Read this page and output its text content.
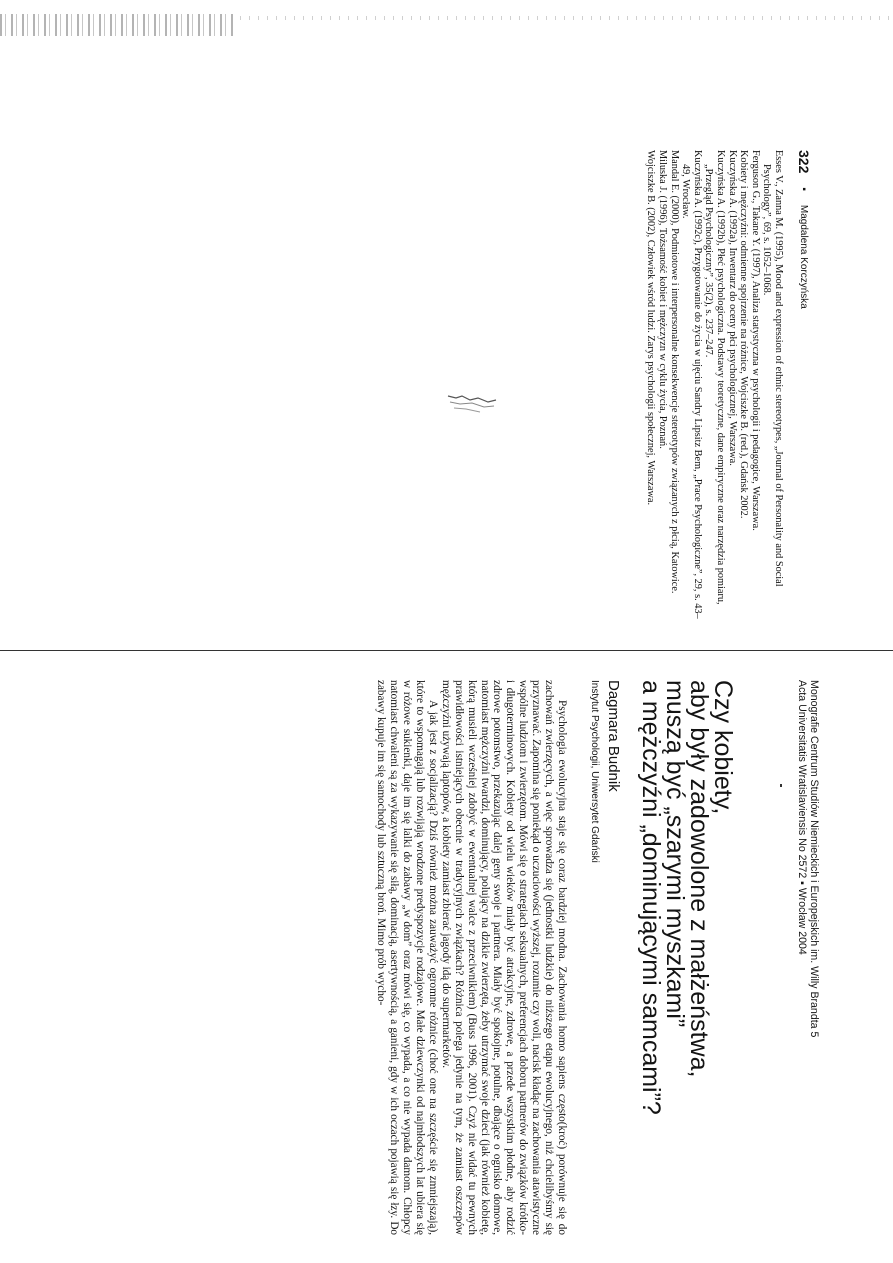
322
▪
Magdalena Korczyńska

Esses V., Zanna M. (1995), Mood and expression of ethnic stereotypes, „Journal of Personality and Social Psychology”, 69, s. 1052–1068.

Ferguson G., Takane Y. (1997), Analiza statystyczna w psychologii i pedagogice, Warszawa.

Kobiety i mężczyźni: odmienne spojrzenie na różnice, Wojciszke B. (red.), Gdańsk 2002.

Kuczyńska A. (1992a), Inwentarz do oceny płci psychologicznej, Warszawa.

Kuczyńska A. (1992b), Płeć psychologiczna. Podstawy teoretyczne, dane empiryczne oraz narzędzia pomiaru, „Przegląd Psychologiczny”, 35(2), s. 237–247.

Kuczyńska A. (1992c), Przygotowanie do życia w ujęciu Sandry Lipsitz Bem, „Prace Psychologiczne”, 29, s. 43–49, Wrocław.

Mandal E. (2000), Podmiotowe i interpersonalne konsekwencje stereotypów związanych z płcią, Katowice.

Miluska J. (1996), Tożsamość kobiet i mężczyzn w cyklu życia, Poznań.

Wojciszke B. (2002), Człowiek wśród ludzi. Zarys psychologii społecznej, Warszawa.

Monografie Centrum Studiów Niemieckich i Europejskich im. Willy Brandta 5
Acta Universitatis Wratislaviensis No 2572 ▪ Wrocław 2004
Czy kobiety,
aby były zadowolone z małżeństwa,
muszą być „szarymi myszkami”
a mężczyźni „dominującymi samcami”?

Dagmara Budnik

Instytut Psychologii, Uniwersytet Gdański

Psychologia ewolucyjna staje się coraz bardziej modna. Zachowania homo sapiens często(kroć) porównuje się do zachowań zwierzęcych, a więc sprowadza się (jednostki ludzkie) do niższego etapu ewolucyjnego, niż chcielibyśmy się przyznawać. Zapomina się poniekąd o uczuciowości wyższej, rozumie czy woli, nacisk kładąc na zachowania atawistyczne wspólne ludziom i zwierzętom. Mówi się o strategiach seksualnych, preferencjach doboru partnerów do związków krótko- i długoterminowych. Kobiety od wielu wieków miały być atrakcyjne, zdrowe, a przede wszystkim płodne, aby rodzić zdrowe potomstwo, przekazując dalej geny swoje i partnera. Miały być spokojne, potulne, dbające o ognisko domowe, natomiast mężczyźni twardzi, dominujący, polujący na dzikie zwierzęta, żeby utrzymać swoje dzieci (jak również kobietę, którą musieli wcześniej zdobyć w ewentualnej walce z przeciwnikiem) (Buss 1996, 2001). Czyż nie widać tu pewnych prawidłowości istniejących obecnie w tradycyjnych związkach? Różnica polega jedynie na tym, że zamiast oszczepów mężczyźni używają laptopów, a kobiety zamiast zbierać jagody idą do supermarketów.

A jak jest z socjalizacją? Dziś również można zauważyć ogromne różnice (choć one na szczęście się zmniejszają), które to wspomagają lub rozwijają wrodzone predyspozycje rodzajowe. Małe dziewczynki od najmłodszych lat ubiera się w różowe sukienki, daje im się lalki do zabawy „w dom” oraz mówi się, co wypada, a co nie wypada damom. Chłopcy natomiast chwaleni są za wykazywanie się siłą, dominacją, asertywnością, a ganieni, gdy w ich oczach pojawią się łzy. Do zabawy kupuje im się samochody lub sztuczną broń. Mimo prób wycho-
